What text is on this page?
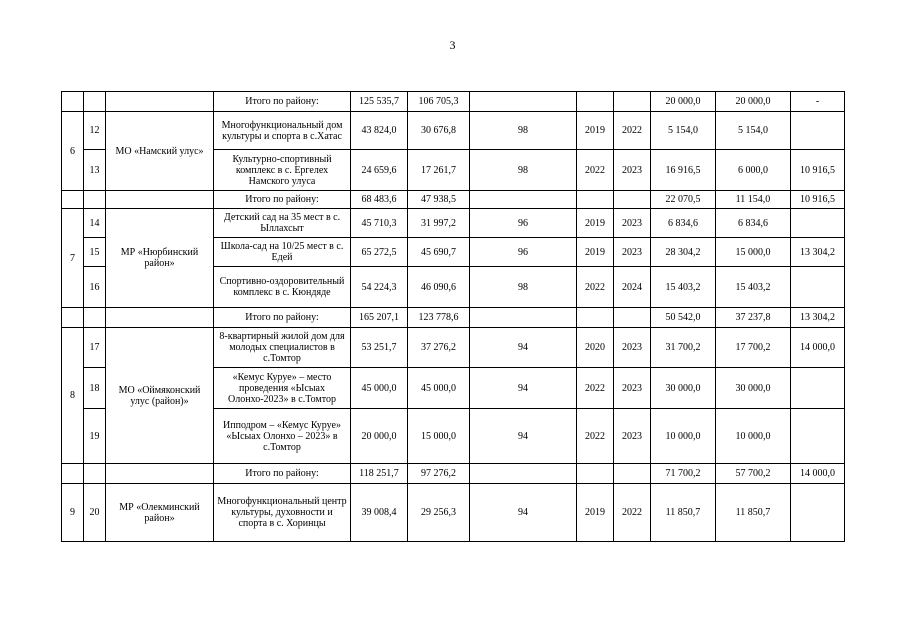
3
			Итого по району:	125 535,7	106 705,3				20 000,0	20 000,0	-
6	12	МО «Намский улус»	Многофункциональный дом культуры и спорта в с.Хатас	43 824,0	30 676,8	98	2019	2022	5 154,0	5 154,0	
	13		Культурно-спортивный комплекс в с. Ергелех Намского улуса	24 659,6	17 261,7	98	2022	2023	16 916,5	6 000,0	10 916,5
			Итого по району:	68 483,6	47 938,5				22 070,5	11 154,0	10 916,5
7	14	МР «Нюрбинский район»	Детский сад на 35 мест в с. Ыллахсыт	45 710,3	31 997,2	96	2019	2023	6 834,6	6 834,6	
	15		Школа-сад на 10/25 мест в с. Едей	65 272,5	45 690,7	96	2019	2023	28 304,2	15 000,0	13 304,2
	16		Спортивно-оздоровительный комплекс в с. Кюндяде	54 224,3	46 090,6	98	2022	2024	15 403,2	15 403,2	
			Итого по району:	165 207,1	123 778,6				50 542,0	37 237,8	13 304,2
8	17	МО «Оймяконский улус (район)»	8-квартирный жилой дом для молодых специалистов в с.Томтор	53 251,7	37 276,2	94	2020	2023	31 700,2	17 700,2	14 000,0
	18		«Кемус Куруе» – место проведения «Ысыах Олонхо-2023» в с.Томтор	45 000,0	45 000,0	94	2022	2023	30 000,0	30 000,0	
	19		Ипподром – «Кемус Куруе» «Ысыах Олонхо – 2023» в с.Томтор	20 000,0	15 000,0	94	2022	2023	10 000,0	10 000,0	
			Итого по району:	118 251,7	97 276,2				71 700,2	57 700,2	14 000,0
9	20	МР «Олекминский район»	Многофункциональный центр культуры, духовности и спорта в с. Хоринцы	39 008,4	29 256,3	94	2019	2022	11 850,7	11 850,7	
